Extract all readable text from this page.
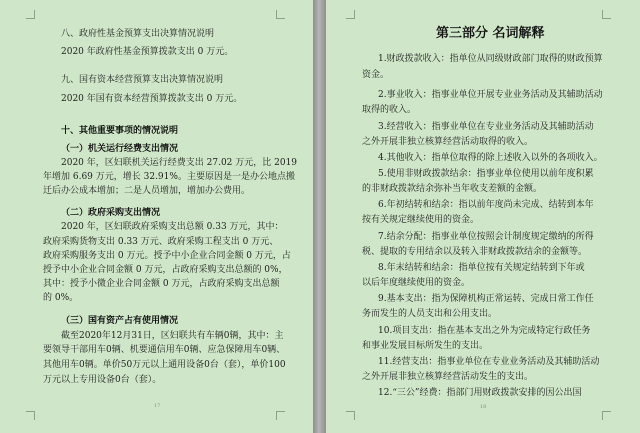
八、政府性基金预算支出决算情况说明
2020 年政府性基金预算拨款支出 0 万元。
九、国有资本经营预算支出决算情况说明
2020 年国有资本经营预算拨款支出 0 万元。
十、其他重要事项的情况说明
（一）机关运行经费支出情况
2020 年，区妇联机关运行经费支出 27.02 万元，比 2019
年增加 6.69 万元，增长 32.91%。主要原因是一是办公地点搬
迁后办公成本增加；二是人员增加，增加办公费用。
（二）政府采购支出情况
2020 年，区妇联政府采购支出总额 0.33 万元，其中：
政府采购货物支出 0.33 万元、政府采购工程支出 0 万元、
政府采购服务支出 0 万元。授予中小企业合同金额 0 万元，占
授予中小企业合同金额 0 万元，占政府采购支出总额的 0%，
其中：授予小微企业合同金额 0 万元，占政府采购支出总额
的 0%。
（三）国有资产占有使用情况
截至2020年12月31日，区妇联共有车辆0辆，其中：主
要领导干部用车0辆、机要通信用车0辆、应急保障用车0辆、
其他用车0辆。单价50万元以上通用设备0台（套），单价100
万元以上专用设备0台（套）。
17
第三部分 名词解释
1.财政拨款收入：指单位从同级财政部门取得的财政预算
资金。
2.事业收入：指事业单位开展专业业务活动及其辅助活动
取得的收入。
3.经营收入：指事业单位在专业业务活动及其辅助活动
之外开展非独立核算经营活动取得的收入。
4.其他收入：指单位取得的除上述收入以外的各项收入。
5.使用非财政拨款结余：指事业单位使用以前年度积累
的非财政拨款结余弥补当年收支差额的金额。
6.年初结转和结余：指以前年度尚未完成、结转到本年
按有关规定继续使用的资金。
7.结余分配：指事业单位按照会计制度规定缴纳的所得
税、提取的专用结余以及转入非财政拨款结余的金额等。
8.年末结转和结余：指单位按有关规定结转到下年或
以后年度继续使用的资金。
9.基本支出：指为保障机构正常运转、完成日常工作任
务而发生的人员支出和公用支出。
10.项目支出：指在基本支出之外为完成特定行政任务
和事业发展目标所发生的支出。
11.经营支出：指事业单位在专业业务活动及其辅助活动
之外开展非独立核算经营活动发生的支出。
12.“三公”经费：指部门用财政拨款安排的因公出国
18
